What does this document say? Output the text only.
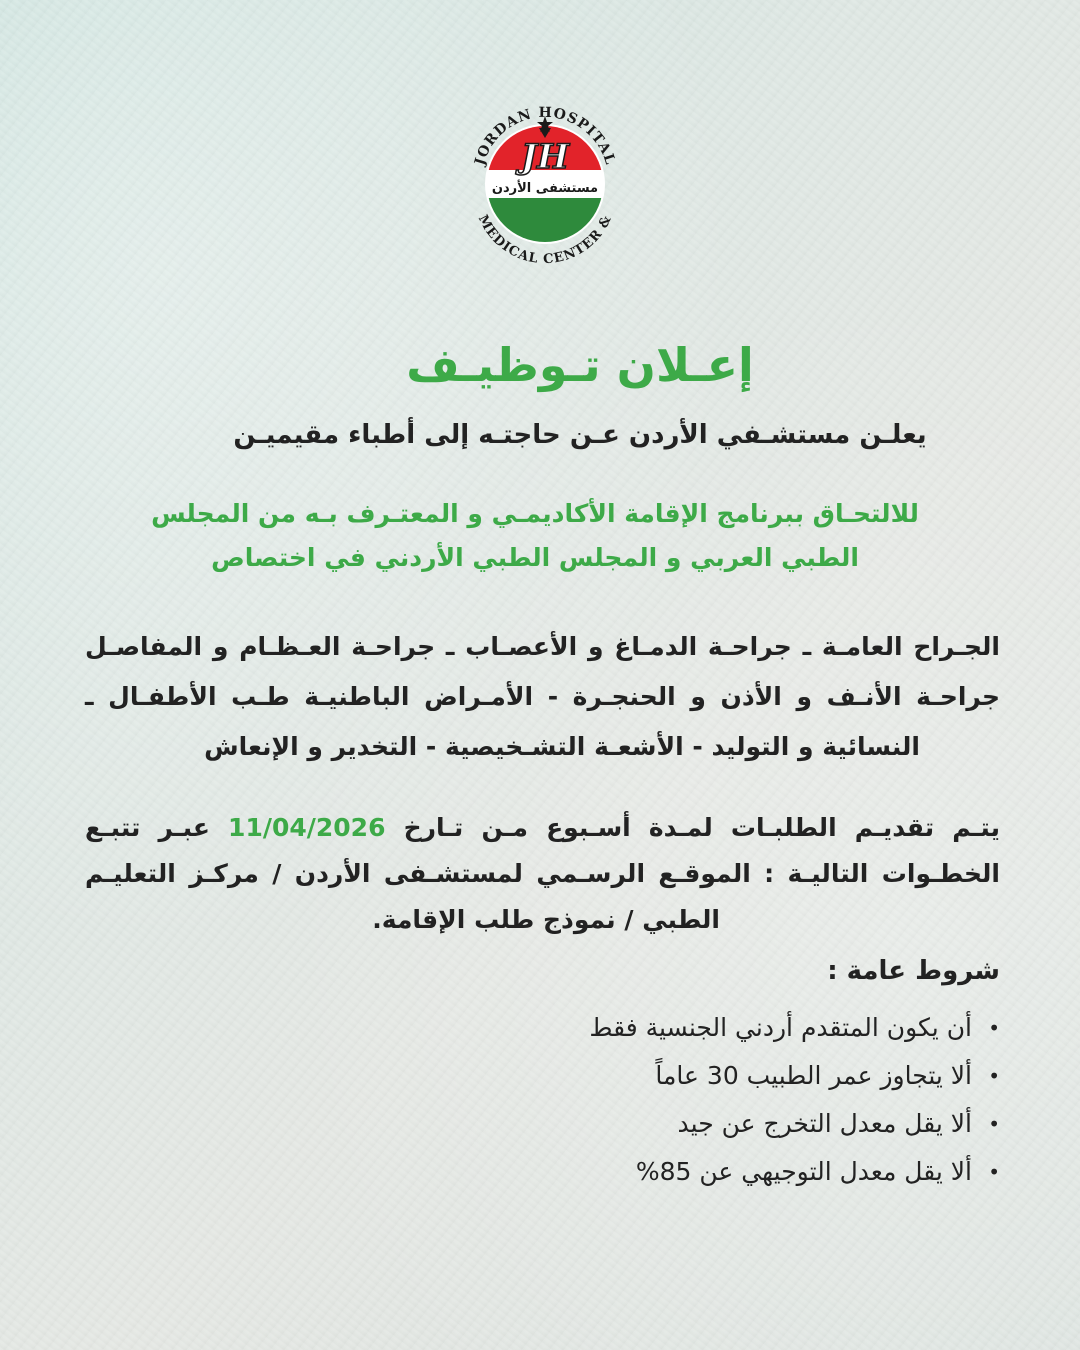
JH
مستشفى الأردن
JORDAN HOSPITAL
& MEDICAL CENTER
إعـلان تـوظيـف

يعلـن مستشـفي الأردن عـن حاجتـه إلى أطباء مقيميـن

للالتحـاق ببرنامج الإقامة الأكاديمـي و المعتـرف بـه من المجلس
الطبي العربي و المجلس الطبي الأردني في اختصاص
الجـراح العامـة ـ جراحـة الدمـاغ و الأعصـاب ـ جراحـة العـظـام و المفاصـل
جراحـة الأنـف و الأذن و الحنجـرة - الأمـراض الباطنيـة طـب الأطفـال ـ
النسائية و التوليد - الأشعـة التشـخيصية - التخدير و الإنعاش
يتـم تقديـم الطلبـات لمـدة أسـبوع مـن تـارخ 11/04/2026 عبـر تتبـع
الخطـوات التاليـة : الموقـع الرسـمي لمستشـفى الأردن / مركـز التعليـم
الطبي / نموذج طلب الإقامة.
شروط عامة :
•
أن يكون المتقدم أردني الجنسية فقط
•
ألا يتجاوز عمر الطبيب 30 عاماً
•
ألا يقل معدل التخرج عن جيد
•
ألا يقل معدل التوجيهي عن 85%
